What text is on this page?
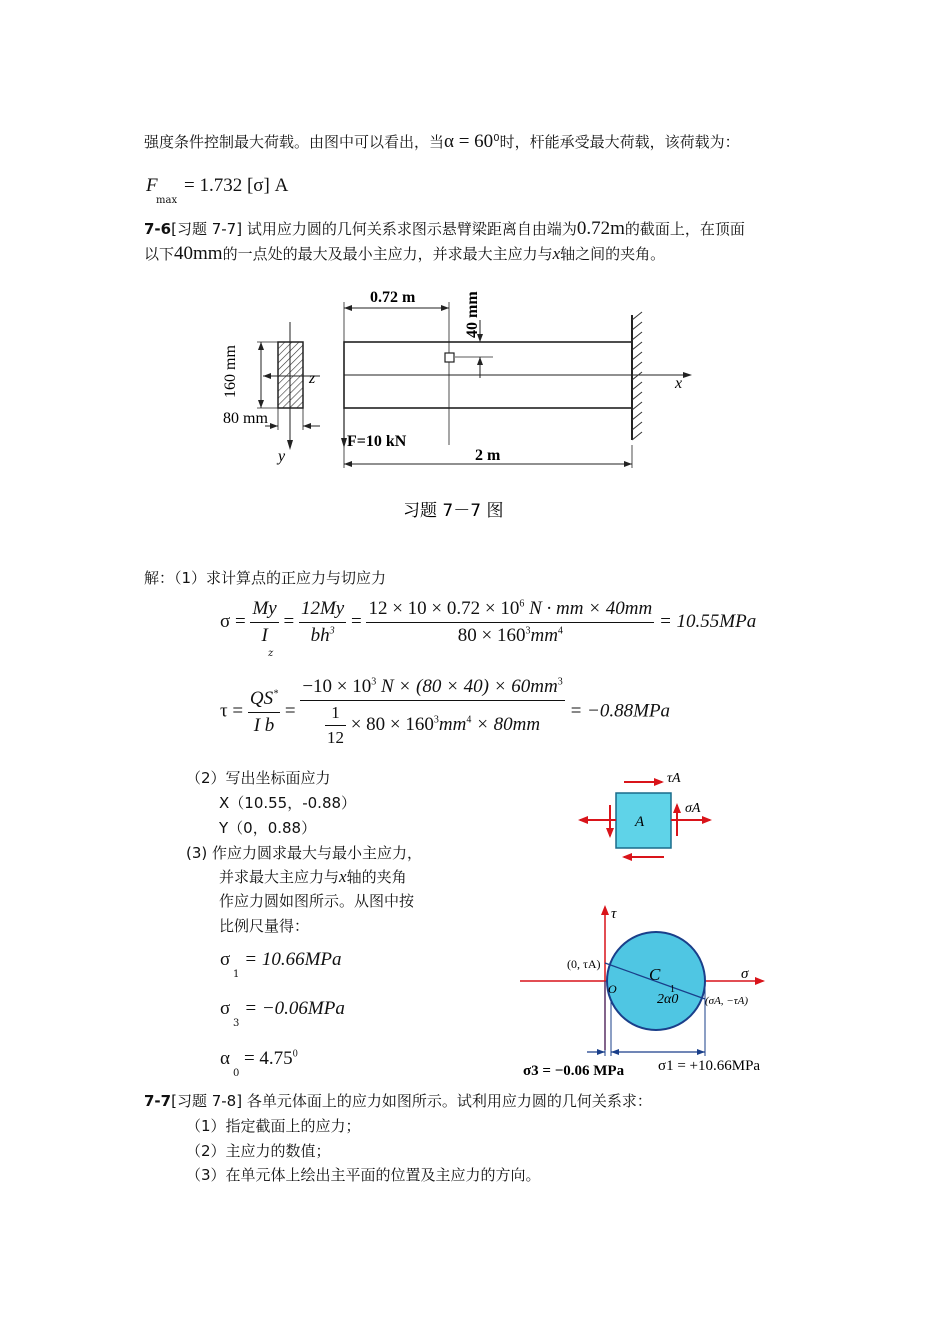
强度条件控制最大荷载。由图中可以看出，当$\alpha = 60^0$时，杆能承受最大荷载，该荷载为：
F
max
= 1.732 [σ] A
7-6[习题 7-7] 试用应力圆的几何关系求图示悬臂梁距离自由端为0.72m的截面上，在顶面
以下40mm的一点处的最大及最小主应力，并求最大主应力与x轴之间的夹角。
160 mm
80 mm
z
y
x
0.72 m	40 mm
F=10 kN
2 m
习题 7－7 图
解：（1）求计算点的正应力与切应力
$\sigma = \frac{My}{I} = \frac{12My}{bh^3} = \frac{12 \times 10 \times 0.72 \times 10^6 N \cdot mm \times 40mm}{80 \times 160^3mm^4} = 10.55MPa$
z
$\tau = \frac{QS^*}{\text{I b}} = \frac{-10 \times 10^3 N \times (80 \times 40) \times 60mm^3}{\frac{1}{12} \times 80 \times 160^3mm^4 \times 80mm} = -0.88MPa$
（2）写出坐标面应力
X（10.55，-0.88）
Y（0，0.88）
(3) 作应力圆求最大与最小主应力，
并求最大主应力与x轴的夹角
作应力圆如图所示。从图中按
比例尺量得：
σ = 10.66MPa
1
σ = −0.06MPa
3
$\alpha = 4.75^0$
0
A
τA
σA
τ
σ
(0, τA)
O
C
1
2α0 (σA, −τA)
σ3 = −0.06 MPa σ1 = +10.66MPa
7-7[习题 7-8] 各单元体面上的应力如图所示。试利用应力圆的几何关系求：
（1）指定截面上的应力；
（2）主应力的数值；
（3）在单元体上绘出主平面的位置及主应力的方向。
